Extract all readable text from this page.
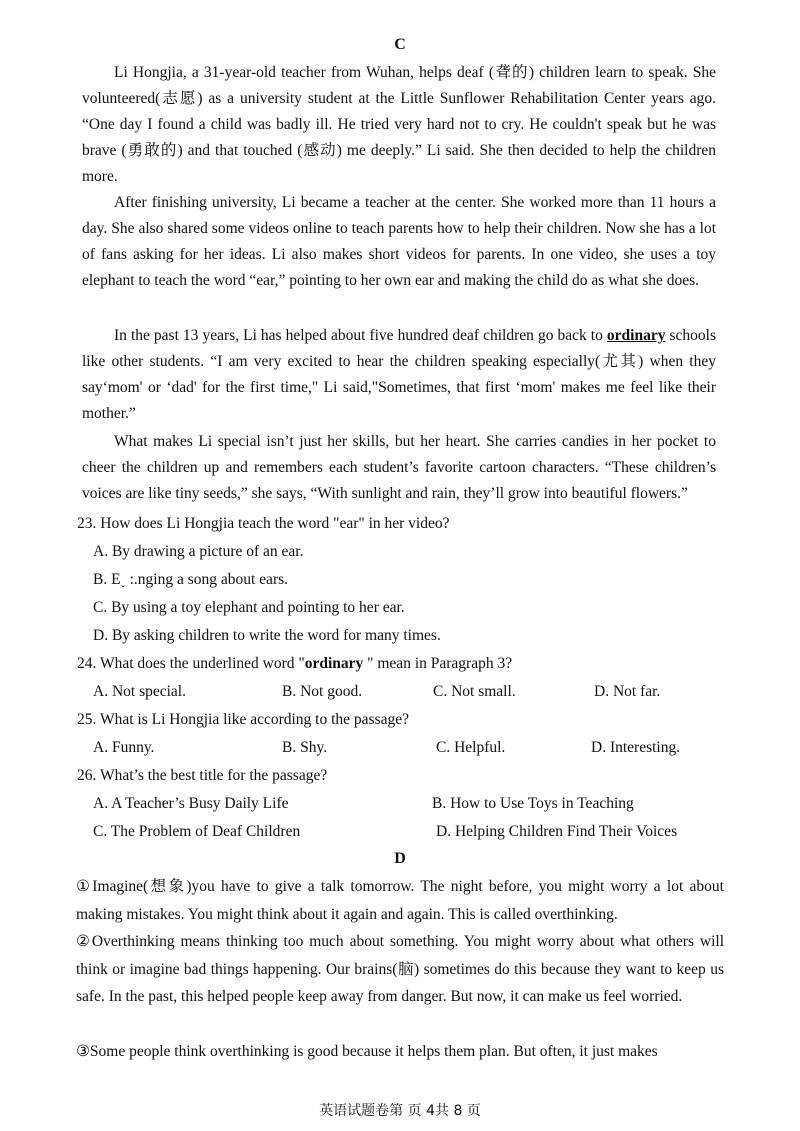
C

Li Hongjia, a 31-year-old teacher from Wuhan, helps deaf (聋的) children learn to speak. She volunteered(志愿) as a university student at the Little Sunflower Rehabilitation Center years ago. “One day I found a child was badly ill. He tried very hard not to cry. He couldn't speak but he was brave (勇敢的) and that touched (感动) me deeply.” Li said. She then decided to help the children more.

After finishing university, Li became a teacher at the center. She worked more than 11 hours a day. She also shared some videos online to teach parents how to help their children. Now she has a lot of fans asking for her ideas. Li also makes short videos for parents. In one video, she uses a toy elephant to teach the word “ear,” pointing to her own ear and making the child do as what she does.

In the past 13 years, Li has helped about five hundred deaf children go back to ordinary schools like other students. “I am very excited to hear the children speaking especially(尤其) when they say‘mom' or ‘dad' for the first time," Li said,"Sometimes, that first ‘mom' makes me feel like their mother.”

What makes Li special isn’t just her skills, but her heart. She carries candies in her pocket to cheer the children up and remembers each student’s favorite cartoon characters. “These children’s voices are like tiny seeds,” she says, “With sunlight and rain, they’ll grow into beautiful flowers.”

23. How does Li Hongjia teach the word "ear" in her video?
A. By drawing a picture of an ear.
B. E˯ :.nging a song about ears.
C. By using a toy elephant and pointing to her ear.
D. By asking children to write the word for many times.
24. What does the underlined word "ordinary " mean in Paragraph 3?
A. Not special.	B. Not good.	C. Not small.	D. Not far.
25. What is Li Hongjia like according to the passage?
A. Funny.	B. Shy.	C. Helpful.	D. Interesting.
26. What’s the best title for the passage?
A. A Teacher’s Busy Daily Life	B. How to Use Toys in Teaching
C. The Problem of Deaf Children	D. Helping Children Find Their Voices
D

①Imagine(想象)you have to give a talk tomorrow. The night before, you might worry a lot about making mistakes. You might think about it again and again. This is called overthinking.

②Overthinking means thinking too much about something. You might worry about what others will think or imagine bad things happening. Our brains(脑) sometimes do this because they want to keep us safe. In the past, this helped people keep away from danger. But now, it can make us feel worried.

③Some people think overthinking is good because it helps them plan. But often, it just makes

英语试题卷第 页 4共 8 页
